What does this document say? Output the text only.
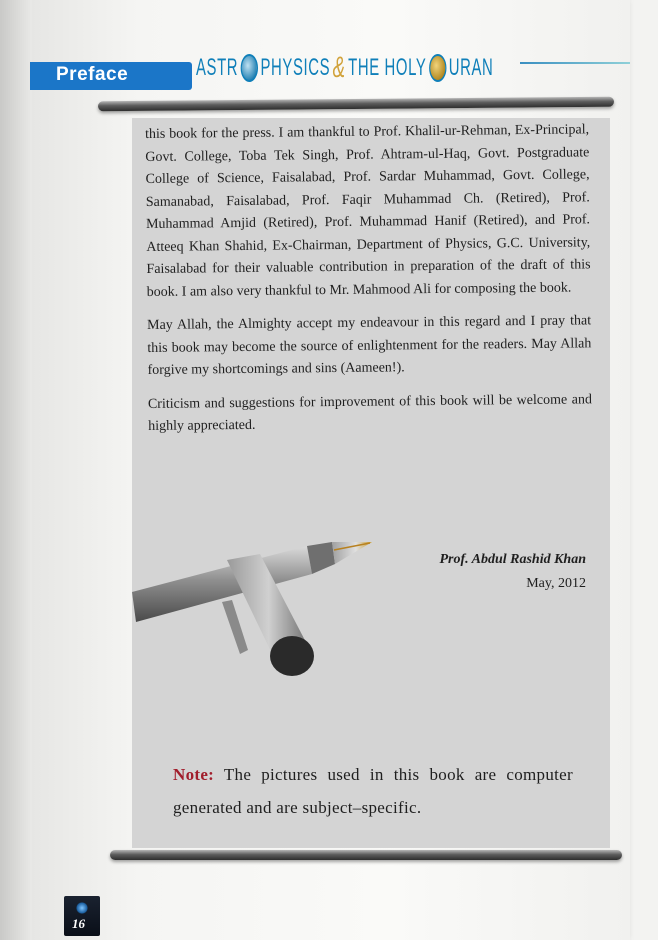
Preface	ASTR PHYSICS & THE HOLY URAN

this book for the press. I am thankful to Prof. Khalil-ur-Rehman, Ex-Principal, Govt. College, Toba Tek Singh, Prof. Ahtram-ul-Haq, Govt. Postgraduate College of Science, Faisalabad, Prof. Sardar Muhammad, Govt. College, Samanabad, Faisalabad, Prof. Faqir Muhammad Ch. (Retired), Prof. Muhammad Amjid (Retired), Prof. Muhammad Hanif (Retired), and Prof. Atteeq Khan Shahid, Ex-Chairman, Department of Physics, G.C. University, Faisalabad for their valuable contribution in preparation of the draft of this book. I am also very thankful to Mr. Mahmood Ali for composing the book.

May Allah, the Almighty accept my endeavour in this regard and I pray that this book may become the source of enlightenment for the readers. May Allah forgive my shortcomings and sins (Aameen!).

Criticism and suggestions for improvement of this book will be welcome and highly appreciated.

Prof. Abdul Rashid Khan
May, 2012
Note: The pictures used in this book are computer generated and are subject–specific.
16
